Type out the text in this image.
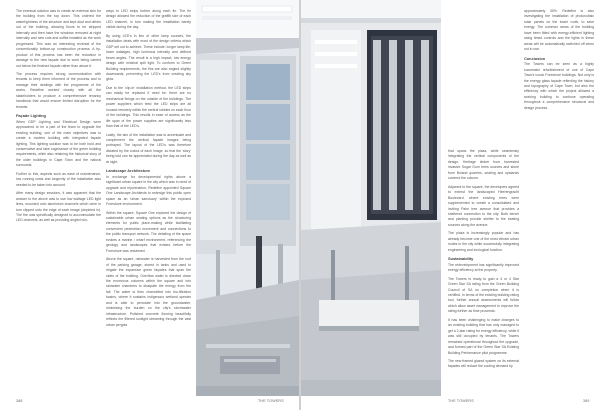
The eventual solution was to create an external skin for the building from the top down. This ordered the waterlightness of the structure and kept dust and debris out of the building, allowing floors to be stripped internally and then have the windows removed at night internally and new cuts and soffits installed as the work progressed. This was an interesting reversal of the conventionally bottom-up construction process. A by-product of this process has been the reduction in damage to the new façade due to work being carried out below the finished façade rather than above it.

The process requires strong communication with tenants to keep them informed of the process and to manage their dealings with the programme of the works. Redefine worked closely with all the stakeholders to produce a comprehensive tenancy handbook that would ensure limited disruption for the tenants.

Façade Lighting

When GDP Lighting and Electrical Design were approached to be a part of the team to upgrade the existing building, one of the main objectives was to create a modern building with integrated façade lighting. This lighting solution was to be both bold and conservative and take cognisance of the green building requirements, while also retaining the historical story of the older buildings in Cape Town and the natural surrounds.

Further to this, aspects such as ease of maintenance, low running costs and longevity of the installation also needed to be taken into account.

After many design sessions, it was apparent that the answer to the above was to use low wattage LED light lines, mounted onto aluminium channels which were in turn clipped onto the edge of each image (depicted in). The fire was specifically designed to accommodate the LED channels, as well as providing angled win-

ways to LED strips further along each fin. The fin design allowed the reduction of the graffiti size of each LED channel, in turn making the installation barely visible during the day.

By using LED's in lieu of other lamp sources, the installation deals with most of the design criteria which GDP set out to achieve. These include: longer lamp life, lower wattages, high luminous intensity and defined beam angles. The result is a high impact, low energy design with minimal spill light. To conform to Green Building requirements, the fins are also angled slightly downwards, preventing the LED's from creating sky glow.

Due to the 'clip-in' installation method, the LED strips can easily be replaced if need be: there are no mechanical fixings on the outside of the buildings. The power suppliers which feed the LED strips are all housed remotely within the central lobbies on each floor of the buildings. This results in ease of access as the life span of the power supplies are significantly less than that of the LED's.

Lastly, the aim of the installation was to accentuate and complement the vertical façade images being portrayed. The layout of the LED's was therefore dictated by the cutout of each image, so that the 'story' being told can be appreciated during the day as well as at night.

Landscape Architecture

In exchange for developmental rights above a significant urban square in the city which was in need of upgrade and rejuvenation, Redefine appointed Square One Landscape Architects to redesign this public open space as an 'urban sanctuary' within the exposed Foreshore environment.

Within the square, Square One explored the design of sustainable urban seating options as the structuring elements for public place-making while facilitating convenient pedestrian movement and connections to the public transport network. The detailing of the space evokes a marine / wharf environment, referencing the geology and landscapes that existed before the Foreshore was reclaimed.

Above the square, rainwater is harvested from the roof of the parking garage, stored in tanks and used to irrigate the expansive green façades that span the sides of the building. Overflow water is directed down the enormous columns within the square and into rainwater chambers to dissipate the energy from the fall. The water is then channelled into bio-filtration basins, where it sustains indigenous wetland species and is able to percolate into the groundwater, minimising the burden on the city's stormwater infrastructure. Polished concrete flooring beautifully reflects the filtered sunlight streaming through the vast urban pergola

388	THE TOWERS

that spans the plaza, while seamlessly integrating the vertical components of the design. Heritage timber from harvested invasive Sugar Gum trees sources and stone from Boland quarries, seating and upstands covered the column.

Adjacent to the square, the developers agreed to extend the landscaped Heerengracht Boulevard, where existing trees were supplemented to create a consolidated and inviting Palm tree avenue that provides a sheltered connection to the city. Both bench and planting provide shelter to the seating sources along the avenue.

The plaza is increasingly popular and has already become one of the most vibrant urban nodes in the city while successfully integrating engineering and ecological function.

Sustainability

The redevelopment has significantly improved energy efficiency at the property.

The Towers is ready to gain a 4 or 4 Star Green Star SA rating from the Green Building Council of SA on completion when it is certified. In terms of the existing building rating tool, further annual assessments will follow which allow asset management to improve the rating further as time proceeds.

It has been challenging to make changes to an existing building that has only managed to get a 2-star rating for energy efficiency, while it was still occupied by tenants. The Towers remained operational throughout the upgrade, and formed part of the Green Star SA Existing Building Performance pilot programme.

The new framed glazed system on its external façades will reduce the cooling demand by

approximately 30%. Redefine is also investigating the installation of photovoltaic solar panels on the tower roofs, to save energy. The common areas of the building have been fitted with energy-efficient lighting using timed controls and the lights in these areas will be automatically switched off when not in use.

Conclusion

The Towers can be seen as a highly successful refurbishment of one of Cape Town's iconic Foreshore buildings. Not only is the energy glass façade reflecting the history and topography of Cape Town, but also the efficiency with which the project allowed a working building to continue operating throughout a comprehensive structural and design process.

THE TOWERS	389
